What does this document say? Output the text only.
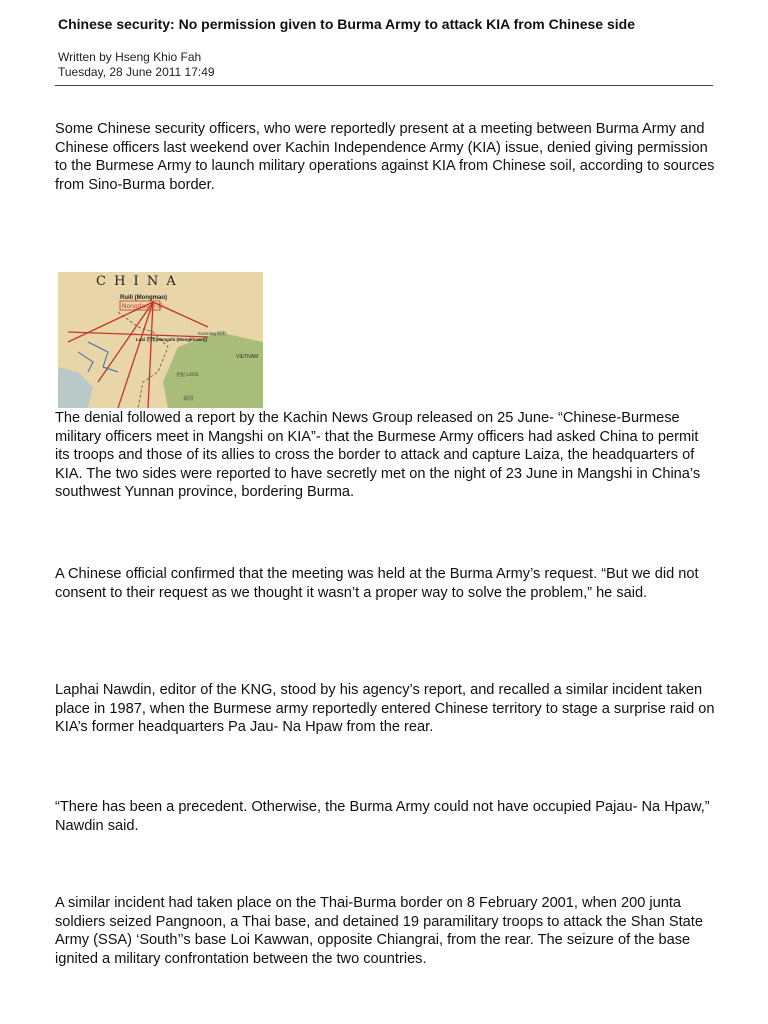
Chinese security: No permission given to Burma Army to attack KIA from Chinese side
Written by Hseng Khio Fah
Tuesday, 28 June 2011 17:49

Some Chinese security officers, who were reportedly present at a meeting between Burma Army and Chinese officers last weekend over Kachin Independence Army (KIA) issue, denied giving permission to the Burmese Army to launch military operations against KIA from Chinese soil, according to sources from Sino-Burma border.

C H I N A
Ruili (Mongmao)
Nongdao 弄岛
Kunming 昆明
Luxi 芒市(Mangshi (Mongkhawn))
VIETNAM
老挝 LAOS
泰国

The denial followed a report by the Kachin News Group released on 25 June- “Chinese-Burmese military officers meet in Mangshi on KIA”- that the Burmese Army officers had asked China to permit its troops and those of its allies to cross the border to attack and capture Laiza, the headquarters of KIA. The two sides were reported to have secretly met on the night of 23 June in Mangshi in China’s southwest Yunnan province, bordering Burma.

A Chinese official confirmed that the meeting was held at the Burma Army’s request. “But we did not consent to their request as we thought it wasn’t a proper way to solve the problem,” he said.

Laphai Nawdin, editor of the KNG, stood by his agency’s report, and recalled a similar incident taken place in 1987, when the Burmese army reportedly entered Chinese territory to stage a surprise raid on KIA’s former headquarters Pa Jau- Na Hpaw from the rear.

“There has been a precedent. Otherwise, the Burma Army could not have occupied Pajau- Na Hpaw,” Nawdin said.

A similar incident had taken place on the Thai-Burma border on 8 February 2001, when 200 junta soldiers seized Pangnoon, a Thai base, and detained 19 paramilitary troops to attack the Shan State Army (SSA) ‘South’’s base Loi Kawwan, opposite Chiangrai, from the rear. The seizure of the base ignited a military confrontation between the two countries.
